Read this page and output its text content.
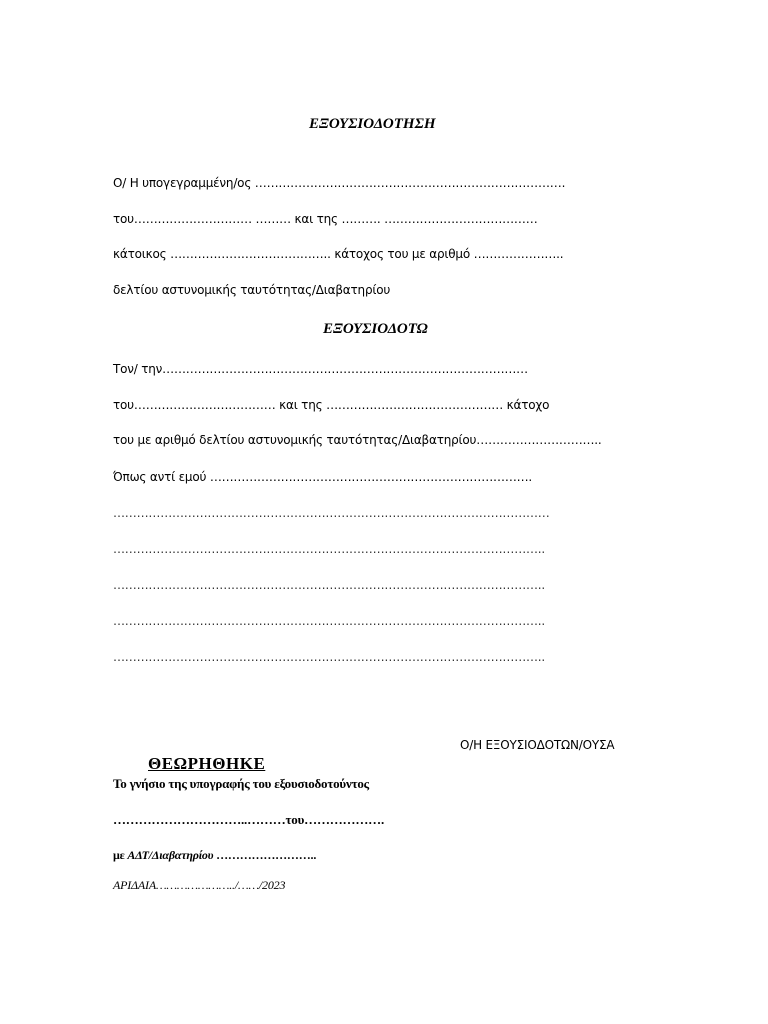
ΕΞΟΥΣΙΟΔΟΤΗΣΗ
Ο/ Η υπογεγραμμένη/ος …………………………………………………………………….
του………………………… ……… και της ………. …………………………………
κάτοικος ………………………………….. κάτοχος του με αριθμό …………………..
δελτίου αστυνομικής ταυτότητας/Διαβατηρίου
ΕΞΟΥΣΙΟΔΟΤΩ
Τον/ την…………………………………………………………………………………
του……………………………… και της ……………………………………… κάτοχο
του με αριθμό δελτίου αστυνομικής ταυτότητας/Διαβατηρίου…………………………..
Όπως αντί εμού ……………………………………………………………………….
…………………………………………………………………………………………………
………………………………………………………………………………………………..
………………………………………………………………………………………………..
………………………………………………………………………………………………..
………………………………………………………………………………………………..
Ο/Η ΕΞΟΥΣΙΟΔΟΤΩΝ/ΟΥΣΑ
ΘΕΩΡΗΘΗΚΕ
Το γνήσιο της υπογραφής του εξουσιοδοτούντος
…………………………..………του……………….
με ΑΔΤ/Διαβατηρίου ……………………..
ΑΡΙΔΑΙΑ…………………../……/2023
